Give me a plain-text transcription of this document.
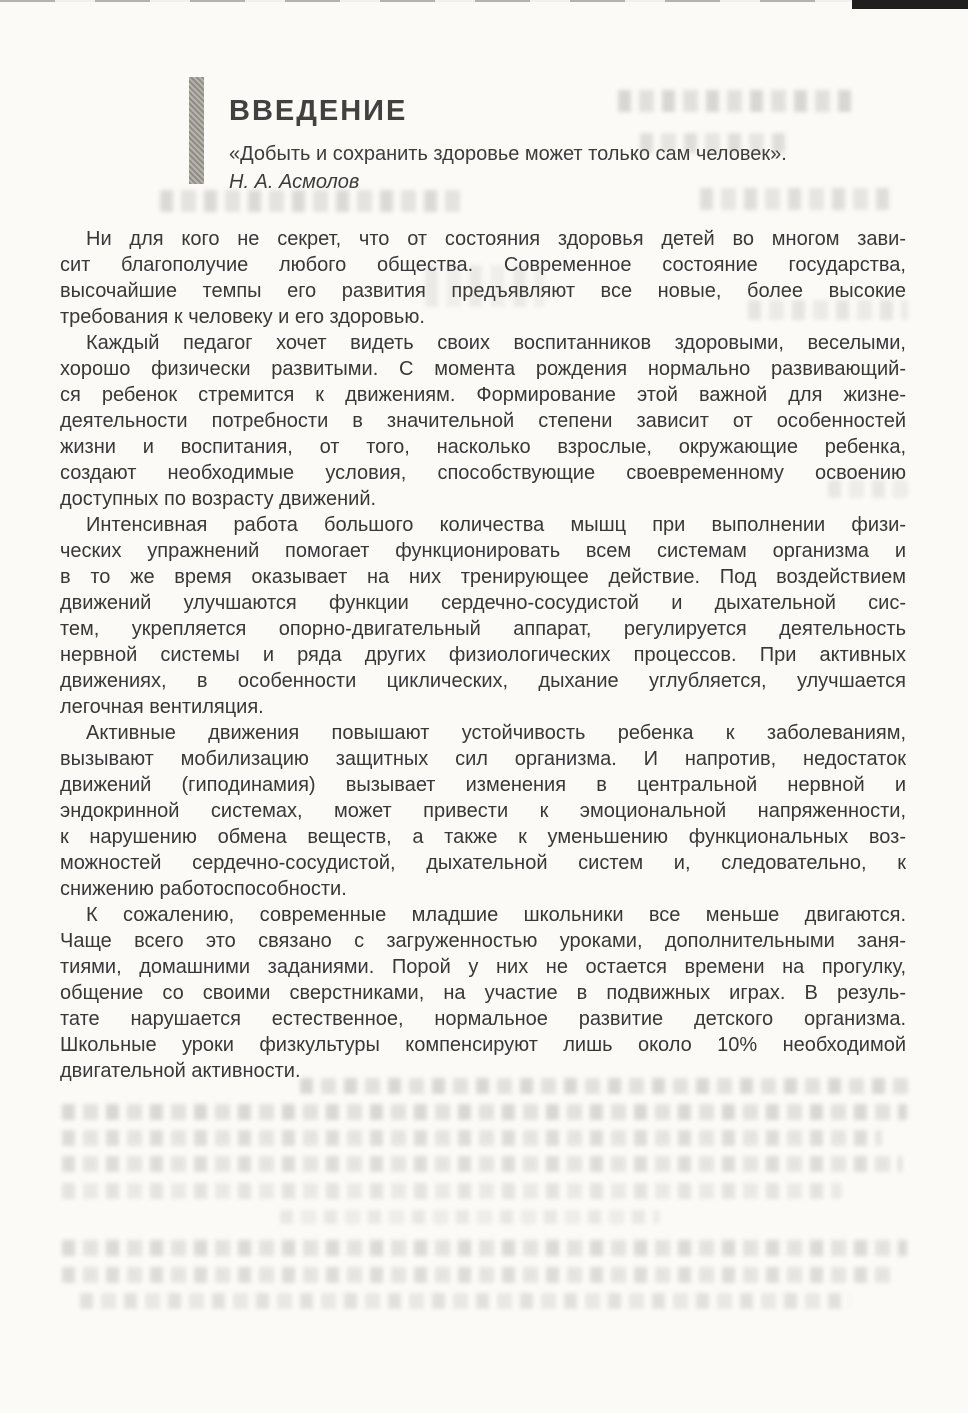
ВВЕДЕНИЕ
«Добыть и сохранить здоровье может только сам человек».
Н. А. Асмолов
Ни для кого не секрет, что от состояния здоровья детей во многом зави-
сит благополучие любого общества. Современное состояние государства,
высочайшие темпы его развития предъявляют все новые, более высокие
требования к человеку и его здоровью.
Каждый педагог хочет видеть своих воспитанников здоровыми, веселыми,
хорошо физически развитыми. С момента рождения нормально развивающий-
ся ребенок стремится к движениям. Формирование этой важной для жизне-
деятельности потребности в значительной степени зависит от особенностей
жизни и воспитания, от того, насколько взрослые, окружающие ребенка,
создают необходимые условия, способствующие своевременному освоению
доступных по возрасту движений.
Интенсивная работа большого количества мышц при выполнении физи-
ческих упражнений помогает функционировать всем системам организма и
в то же время оказывает на них тренирующее действие. Под воздействием
движений улучшаются функции сердечно-сосудистой и дыхательной сис-
тем, укрепляется опорно-двигательный аппарат, регулируется деятельность
нервной системы и ряда других физиологических процессов. При активных
движениях, в особенности циклических, дыхание углубляется, улучшается
легочная вентиляция.
Активные движения повышают устойчивость ребенка к заболеваниям,
вызывают мобилизацию защитных сил организма. И напротив, недостаток
движений (гиподинамия) вызывает изменения в центральной нервной и
эндокринной системах, может привести к эмоциональной напряженности,
к нарушению обмена веществ, а также к уменьшению функциональных воз-
можностей сердечно-сосудистой, дыхательной систем и, следовательно, к
снижению работоспособности.
К сожалению, современные младшие школьники все меньше двигаются.
Чаще всего это связано с загруженностью уроками, дополнительными заня-
тиями, домашними заданиями. Порой у них не остается времени на прогулку,
общение со своими сверстниками, на участие в подвижных играх. В резуль-
тате нарушается естественное, нормальное развитие детского организма.
Школьные уроки физкультуры компенсируют лишь около 10% необходимой
двигательной активности.
